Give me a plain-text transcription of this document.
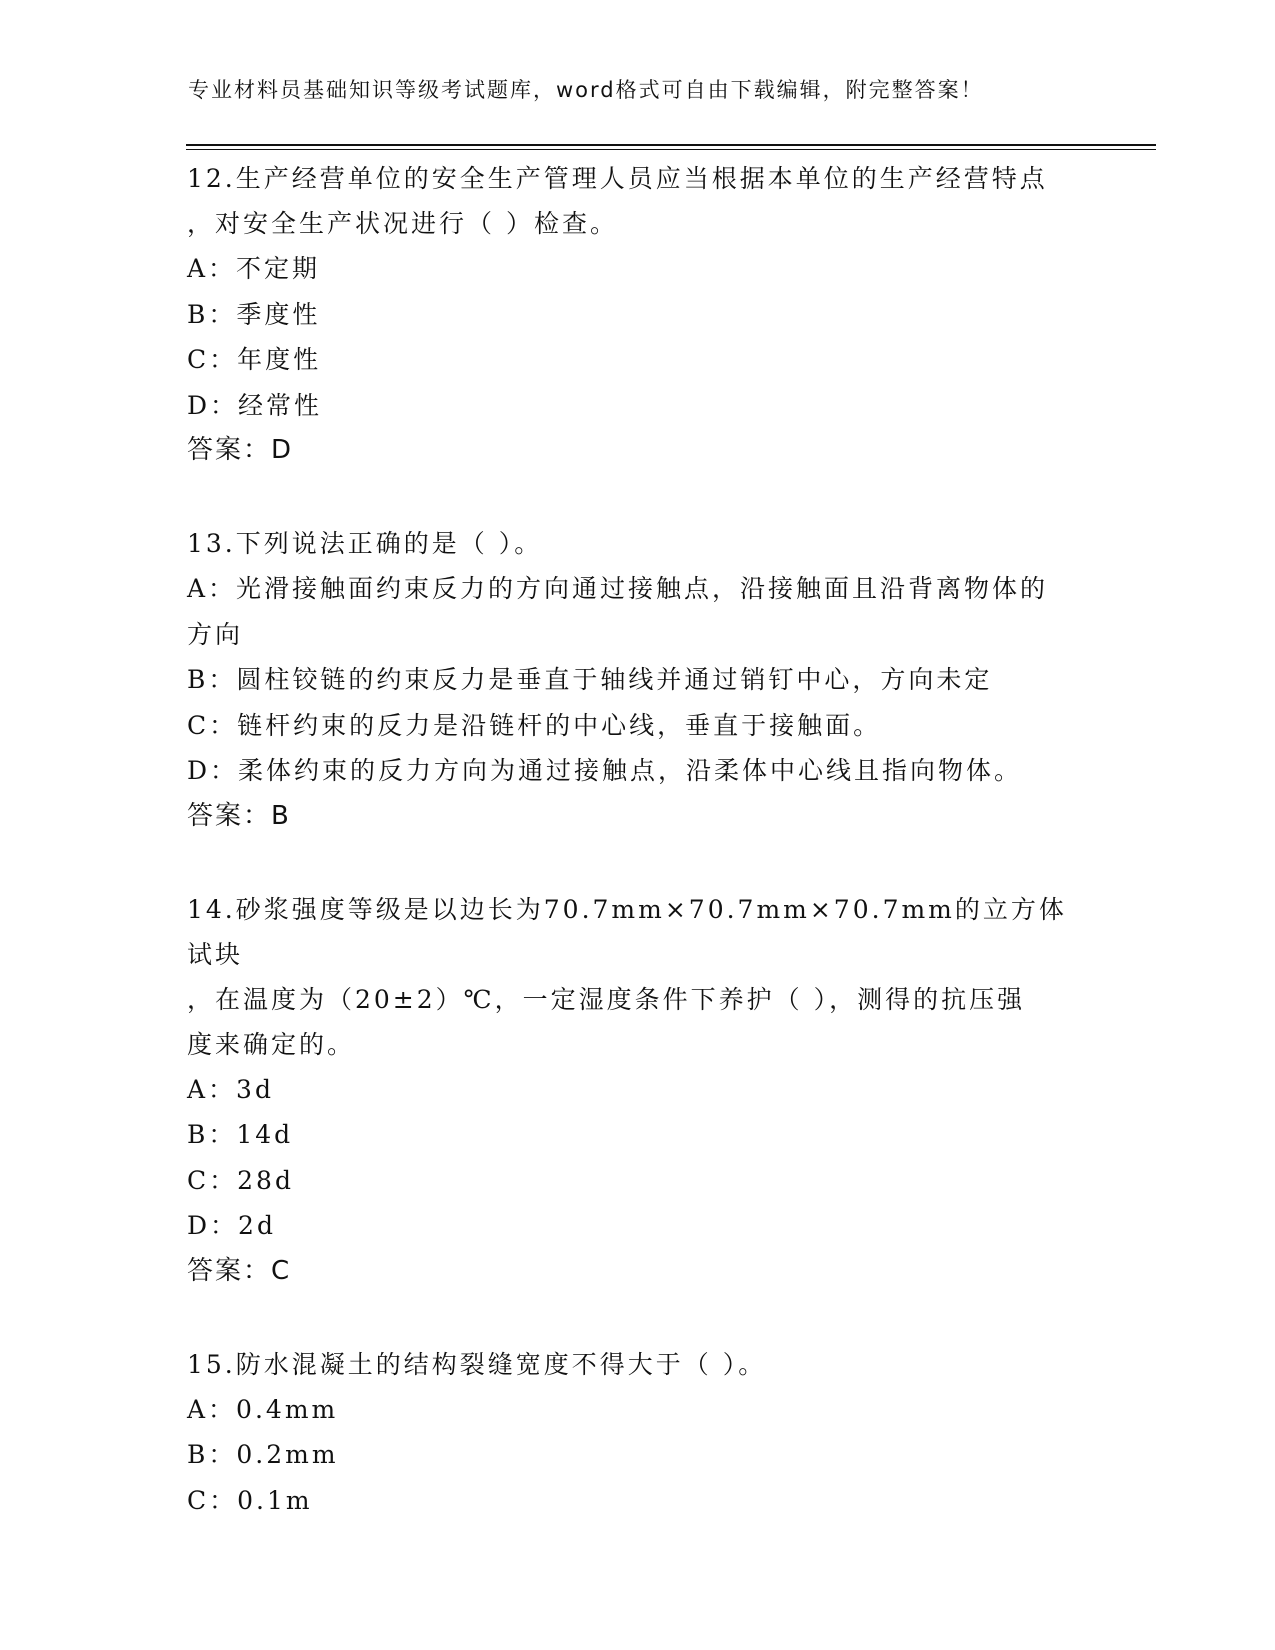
专业材料员基础知识等级考试题库，word格式可自由下载编辑，附完整答案！
12.生产经营单位的安全生产管理人员应当根据本单位的生产经营特点
，对安全生产状况进行（ ）检查。
A：不定期
B：季度性
C：年度性
D：经常性
答案：D
13.下列说法正确的是（ ）。
A：光滑接触面约束反力的方向通过接触点，沿接触面且沿背离物体的
方向
B：圆柱铰链的约束反力是垂直于轴线并通过销钉中心，方向未定
C：链杆约束的反力是沿链杆的中心线，垂直于接触面。
D：柔体约束的反力方向为通过接触点，沿柔体中心线且指向物体。
答案：B
14.砂浆强度等级是以边长为70.7mm×70.7mm×70.7mm的立方体试块
，在温度为（20±2）℃，一定湿度条件下养护（ ），测得的抗压强
度来确定的。
A：3d
B：14d
C：28d
D：2d
答案：C
15.防水混凝土的结构裂缝宽度不得大于（ ）。
A：0.4mm
B：0.2mm
C：0.1m
